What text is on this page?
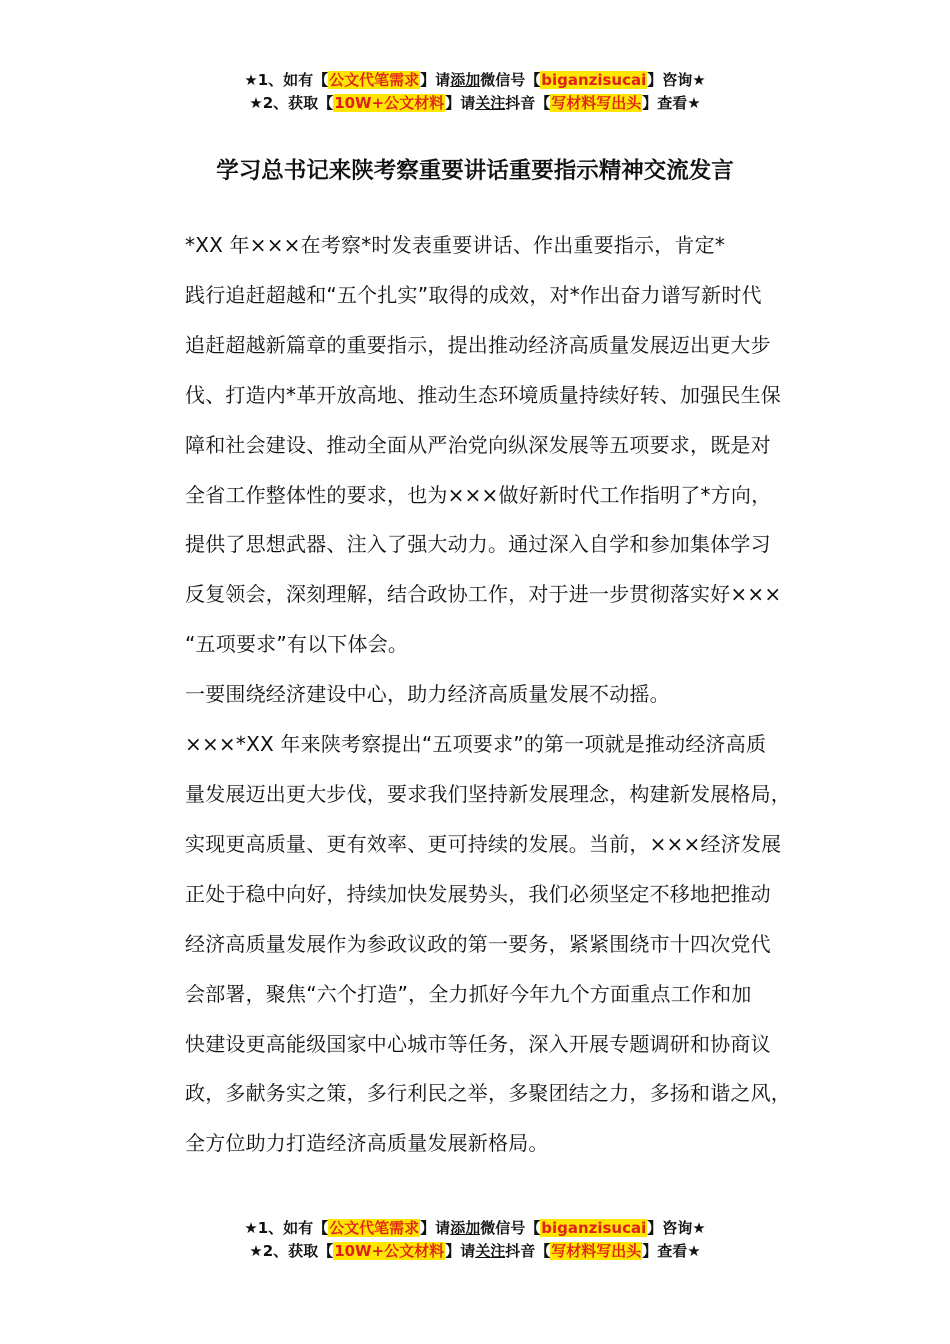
★1、如有【公文代笔需求】请添加微信号【biganzisucai】咨询★
★2、获取【10W+公文材料】请关注抖音【写材料写出头】查看★
学习总书记来陕考察重要讲话重要指示精神交流发言

*XX 年×××在考察*时发表重要讲话、作出重要指示，肯定*
践行追赶超越和“五个扎实”取得的成效，对*作出奋力谱写新时代
追赶超越新篇章的重要指示，提出推动经济高质量发展迈出更大步
伐、打造内*革开放高地、推动生态环境质量持续好转、加强民生保
障和社会建设、推动全面从严治党向纵深发展等五项要求，既是对
全省工作整体性的要求，也为×××做好新时代工作指明了*方向，
提供了思想武器、注入了强大动力。通过深入自学和参加集体学习
反复领会，深刻理解，结合政协工作，对于进一步贯彻落实好×××
“五项要求”有以下体会。

一要围绕经济建设中心，助力经济高质量发展不动摇。
×××*XX 年来陕考察提出“五项要求”的第一项就是推动经济高质
量发展迈出更大步伐，要求我们坚持新发展理念，构建新发展格局，
实现更高质量、更有效率、更可持续的发展。当前，×××经济发展
正处于稳中向好，持续加快发展势头，我们必须坚定不移地把推动
经济高质量发展作为参政议政的第一要务，紧紧围绕市十四次党代
会部署，聚焦“六个打造”，全力抓好今年九个方面重点工作和加
快建设更高能级国家中心城市等任务，深入开展专题调研和协商议
政，多献务实之策，多行利民之举，多聚团结之力，多扬和谐之风，
全方位助力打造经济高质量发展新格局。

★1、如有【公文代笔需求】请添加微信号【biganzisucai】咨询★
★2、获取【10W+公文材料】请关注抖音【写材料写出头】查看★
